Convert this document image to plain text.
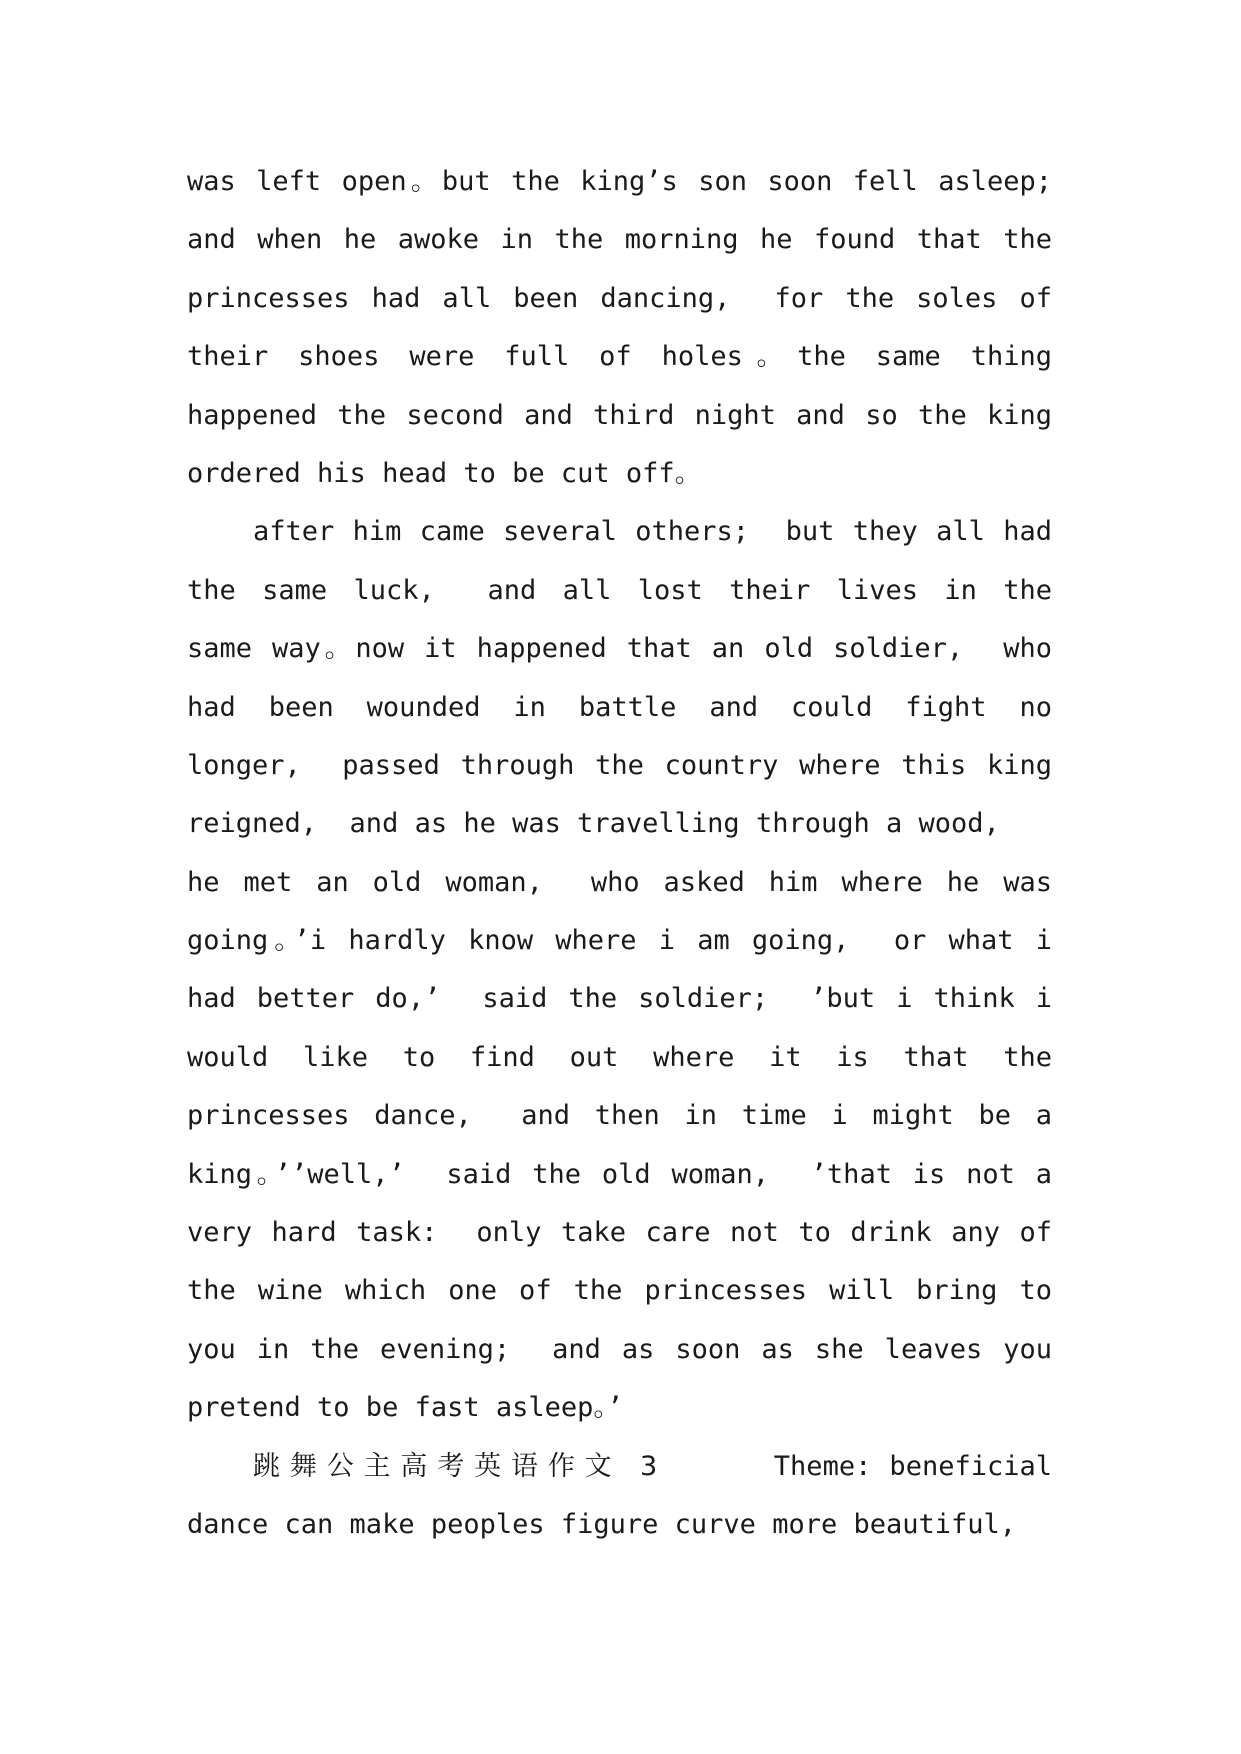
was left open。but the king’s son soon fell asleep;
and when he awoke in the morning he found that the
princesses had all been dancing,  for the soles of
their shoes were full of holes。the same thing
happened the second and third night and so the king
ordered his head to be cut off。
after him came several others;  but they all had
the same luck,  and all lost their lives in the
same way。now it happened that an old soldier,  who
had been wounded in battle and could fight no
longer,  passed through the country where this king
reigned,  and as he was travelling through a wood,
he met an old woman,  who asked him where he was
going。’i hardly know where i am going,  or what i
had better do,’  said the soldier;  ’but i think i
would like to find out where it is that the
princesses dance,  and then in time i might be a
king。’’well,’  said the old woman,  ’that is not a
very hard task:  only take care not to drink any of
the wine which one of the princesses will bring to
you in the evening;  and as soon as she leaves you
pretend to be fast asleep。’
跳舞公主高考英语作文 3	Theme: beneficial
dance can make peoples figure curve more beautiful,
